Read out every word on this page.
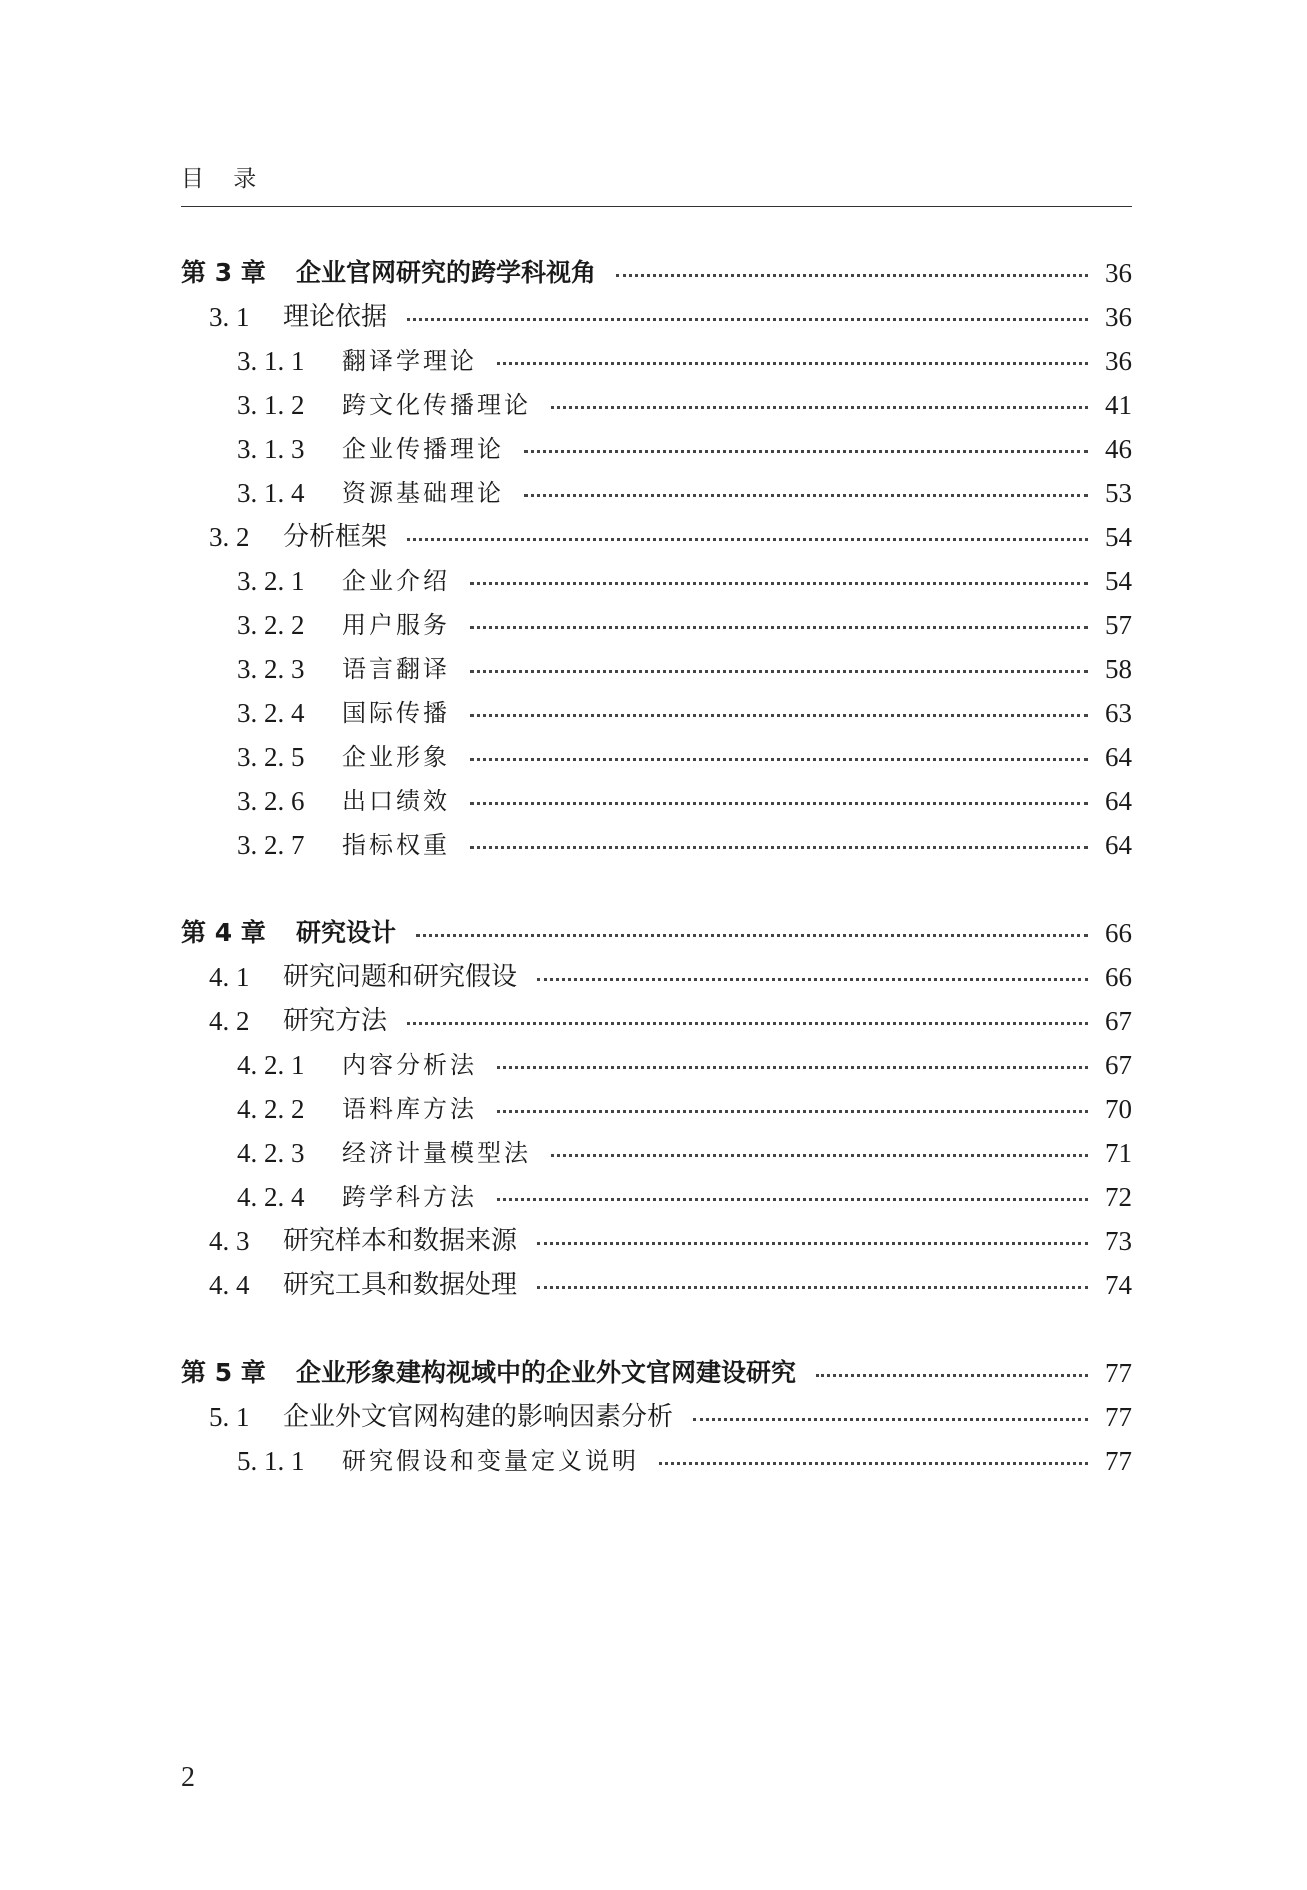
目    录
第 3 章	企业官网研究的跨学科视角	36
3. 1	理论依据	36
3. 1. 1	翻译学理论	36
3. 1. 2	跨文化传播理论	41
3. 1. 3	企业传播理论	46
3. 1. 4	资源基础理论	53
3. 2	分析框架	54
3. 2. 1	企业介绍	54
3. 2. 2	用户服务	57
3. 2. 3	语言翻译	58
3. 2. 4	国际传播	63
3. 2. 5	企业形象	64
3. 2. 6	出口绩效	64
3. 2. 7	指标权重	64
第 4 章	研究设计	66
4. 1	研究问题和研究假设	66
4. 2	研究方法	67
4. 2. 1	内容分析法	67
4. 2. 2	语料库方法	70
4. 2. 3	经济计量模型法	71
4. 2. 4	跨学科方法	72
4. 3	研究样本和数据来源	73
4. 4	研究工具和数据处理	74
第 5 章	企业形象建构视域中的企业外文官网建设研究	77
5. 1	企业外文官网构建的影响因素分析	77
5. 1. 1	研究假设和变量定义说明	77
2
